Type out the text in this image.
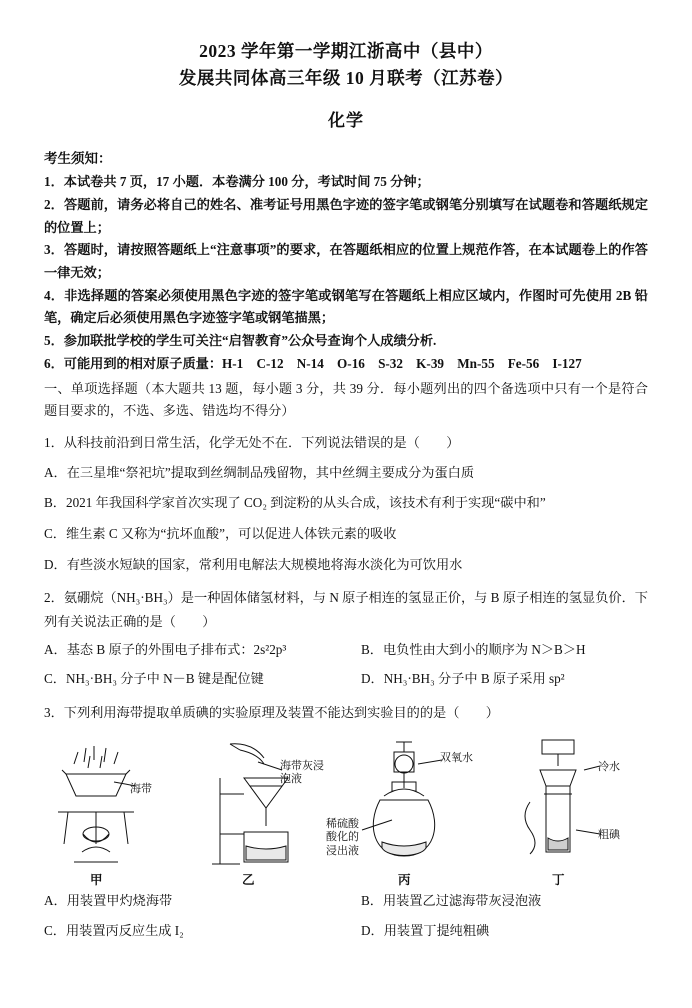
2023 学年第一学期江浙高中（县中）
发展共同体高三年级 10 月联考（江苏卷）
化学
考生须知：
1．本试卷共 7 页，17 小题．本卷满分 100 分，考试时间 75 分钟；
2．答题前，请务必将自己的姓名、准考证号用黑色字迹的签字笔或钢笔分别填写在试题卷和答题纸规定的位置上；
3．答题时，请按照答题纸上“注意事项”的要求，在答题纸相应的位置上规范作答，在本试题卷上的作答一律无效；
4．非选择题的答案必须使用黑色字迹的签字笔或钢笔写在答题纸上相应区域内，作图时可先使用 2B 铅笔，确定后必须使用黑色字迹签字笔或钢笔描黑；
5．参加联批学校的学生可关注“启智教育”公众号查询个人成绩分析.
6．可能用到的相对原子质量：H-1　C-12　N-14　O-16　S-32　K-39　Mn-55　Fe-56　I-127
一、单项选择题（本大题共 13 题，每小题 3 分，共 39 分．每小题列出的四个备选项中只有一个是符合题目要求的，不选、多选、错选均不得分）
1．从科技前沿到日常生活，化学无处不在．下列说法错误的是（　　）
A．在三星堆“祭祀坑”提取到丝绸制品残留物，其中丝绸主要成分为蛋白质
B．2021 年我国科学家首次实现了 CO₂ 到淀粉的从头合成，该技术有利于实现“碳中和”
C．维生素 C 又称为“抗坏血酸”，可以促进人体铁元素的吸收
D．有些淡水短缺的国家，常利用电解法大规模地将海水淡化为可饮用水
2．氨硼烷（NH₃·BH₃）是一种固体储氢材料，与 N 原子相连的氢显正价，与 B 原子相连的氢显负价．下列有关说法正确的是（　　）
A．基态 B 原子的外围电子排布式：2s²2p³	B．电负性由大到小的顺序为 N＞B＞H
C．NH₃·BH₃ 分子中 N－B 键是配位键	D．NH₃·BH₃ 分子中 B 原子采用 sp²
3．下列利用海带提取单质碘的实验原理及装置不能达到实验目的的是（　　）
海带
海带灰浸泡液
双氧水
稀硫酸酸化的浸出液
冷水
粗碘
甲	乙	丙	丁
A．用装置甲灼烧海带	B．用装置乙过滤海带灰浸泡液
C．用装置丙反应生成 I₂	D．用装置丁提纯粗碘
